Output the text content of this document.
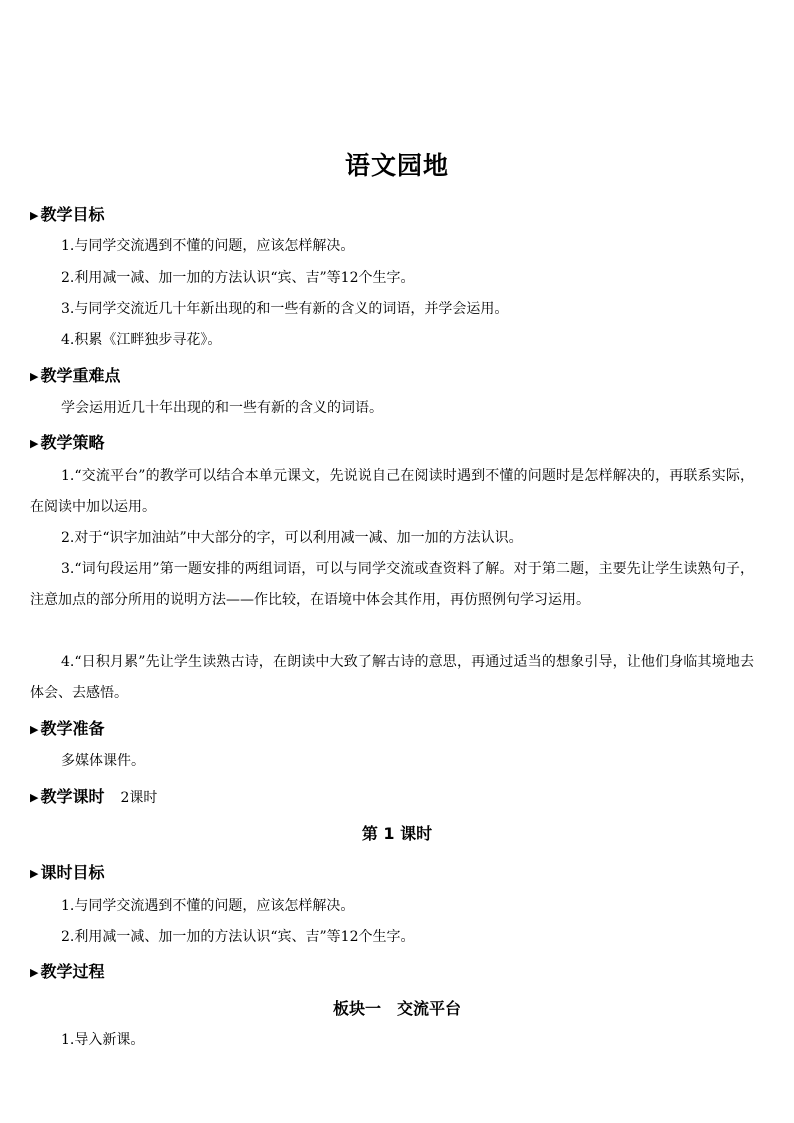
语文园地
▶ 教学目标
1.与同学交流遇到不懂的问题，应该怎样解决。
2.利用减一减、加一加的方法认识“宾、吉”等12个生字。
3.与同学交流近几十年新出现的和一些有新的含义的词语，并学会运用。
4.积累《江畔独步寻花》。
▶ 教学重难点
学会运用近几十年出现的和一些有新的含义的词语。
▶ 教学策略
1.“交流平台”的教学可以结合本单元课文，先说说自己在阅读时遇到不懂的问题时是怎样解决的，再联系实际，在阅读中加以运用。
2.对于“识字加油站”中大部分的字，可以利用减一减、加一加的方法认识。
3.“词句段运用”第一题安排的两组词语，可以与同学交流或查资料了解。对于第二题，主要先让学生读熟句子，注意加点的部分所用的说明方法——作比较，在语境中体会其作用，再仿照例句学习运用。
4.“日积月累”先让学生读熟古诗，在朗读中大致了解古诗的意思，再通过适当的想象引导，让他们身临其境地去体会、去感悟。
▶ 教学准备
多媒体课件。
▶ 教学课时 2课时
第 1 课时
▶ 课时目标
1.与同学交流遇到不懂的问题，应该怎样解决。
2.利用减一减、加一加的方法认识“宾、吉”等12个生字。
▶ 教学过程
板块一　交流平台
1.导入新课。
